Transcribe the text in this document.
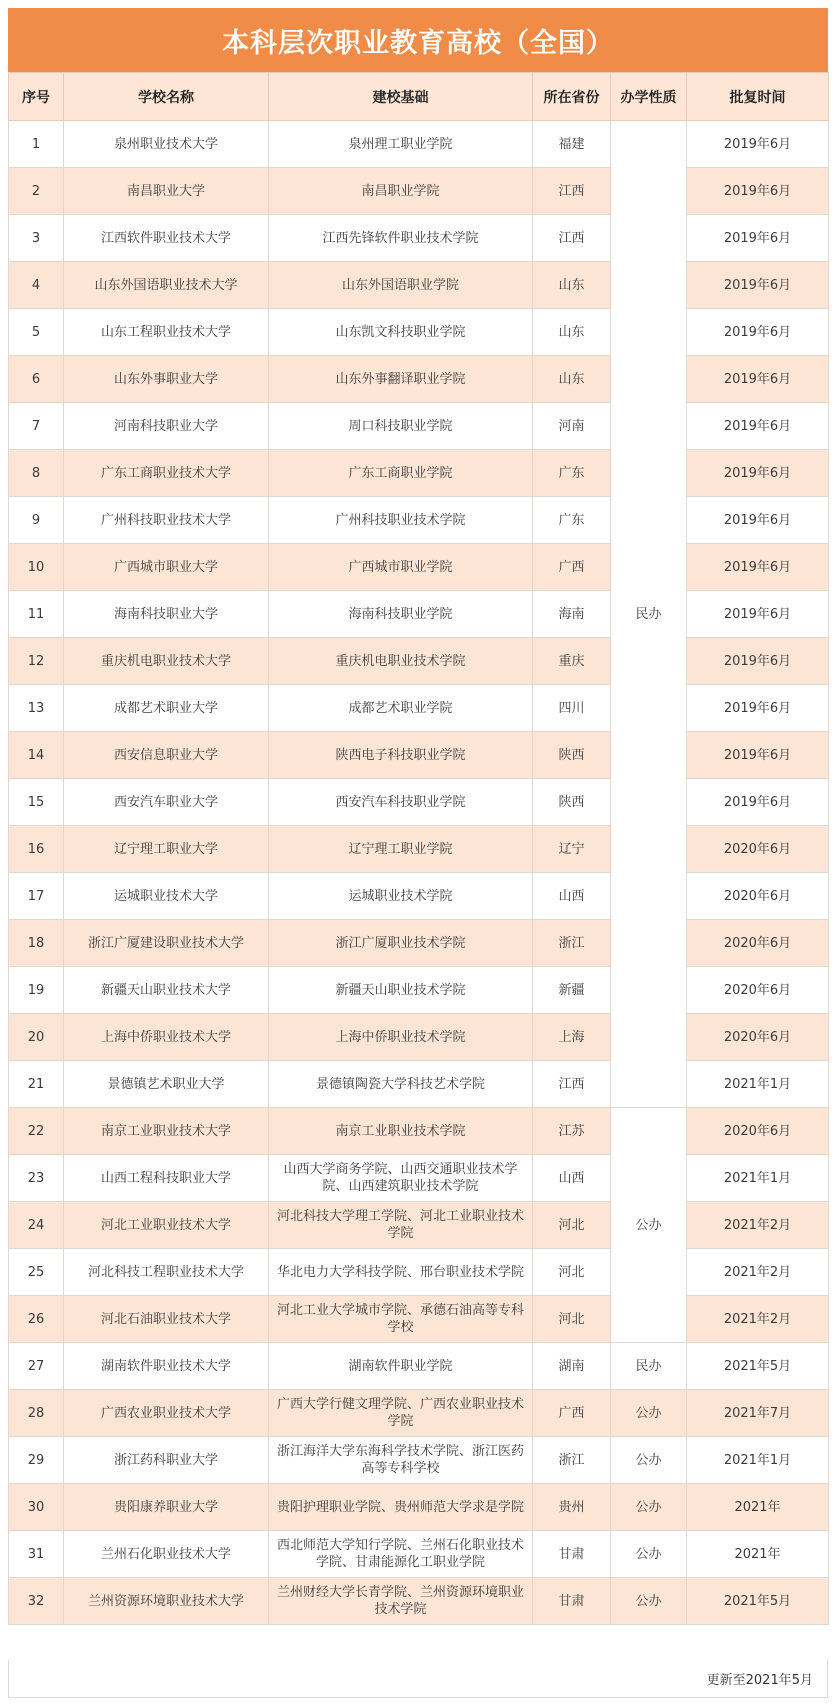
本科层次职业教育高校（全国）
序号	学校名称	建校基础	所在省份	办学性质	批复时间
1	泉州职业技术大学	泉州理工职业学院	福建	民办	2019年6月
2	南昌职业大学	南昌职业学院	江西		2019年6月
3	江西软件职业技术大学	江西先锋软件职业技术学院	江西		2019年6月
4	山东外国语职业技术大学	山东外国语职业学院	山东		2019年6月
5	山东工程职业技术大学	山东凯文科技职业学院	山东		2019年6月
6	山东外事职业大学	山东外事翻译职业学院	山东		2019年6月
7	河南科技职业大学	周口科技职业学院	河南		2019年6月
8	广东工商职业技术大学	广东工商职业学院	广东		2019年6月
9	广州科技职业技术大学	广州科技职业技术学院	广东		2019年6月
10	广西城市职业大学	广西城市职业学院	广西		2019年6月
11	海南科技职业大学	海南科技职业学院	海南		2019年6月
12	重庆机电职业技术大学	重庆机电职业技术学院	重庆		2019年6月
13	成都艺术职业大学	成都艺术职业学院	四川		2019年6月
14	西安信息职业大学	陕西电子科技职业学院	陕西		2019年6月
15	西安汽车职业大学	西安汽车科技职业学院	陕西		2019年6月
16	辽宁理工职业大学	辽宁理工职业学院	辽宁		2020年6月
17	运城职业技术大学	运城职业技术学院	山西		2020年6月
18	浙江广厦建设职业技术大学	浙江广厦职业技术学院	浙江		2020年6月
19	新疆天山职业技术大学	新疆天山职业技术学院	新疆		2020年6月
20	上海中侨职业技术大学	上海中侨职业技术学院	上海		2020年6月
21	景德镇艺术职业大学	景德镇陶瓷大学科技艺术学院	江西		2021年1月
22	南京工业职业技术大学	南京工业职业技术学院	江苏	公办	2020年6月
23	山西工程科技职业大学	山西大学商务学院、山西交通职业技术学院、山西建筑职业技术学院	山西		2021年1月
24	河北工业职业技术大学	河北科技大学理工学院、河北工业职业技术学院	河北		2021年2月
25	河北科技工程职业技术大学	华北电力大学科技学院、邢台职业技术学院	河北		2021年2月
26	河北石油职业技术大学	河北工业大学城市学院、承德石油高等专科学校	河北		2021年2月
27	湖南软件职业技术大学	湖南软件职业学院	湖南	民办	2021年5月
28	广西农业职业技术大学	广西大学行健文理学院、广西农业职业技术学院	广西	公办	2021年7月
29	浙江药科职业大学	浙江海洋大学东海科学技术学院、浙江医药高等专科学校	浙江	公办	2021年1月
30	贵阳康养职业大学	贵阳护理职业学院、贵州师范大学求是学院	贵州	公办	2021年
31	兰州石化职业技术大学	西北师范大学知行学院、兰州石化职业技术学院、甘肃能源化工职业学院	甘肃	公办	2021年
32	兰州资源环境职业技术大学	兰州财经大学长青学院、兰州资源环境职业技术学院	甘肃	公办	2021年5月
更新至2021年5月
